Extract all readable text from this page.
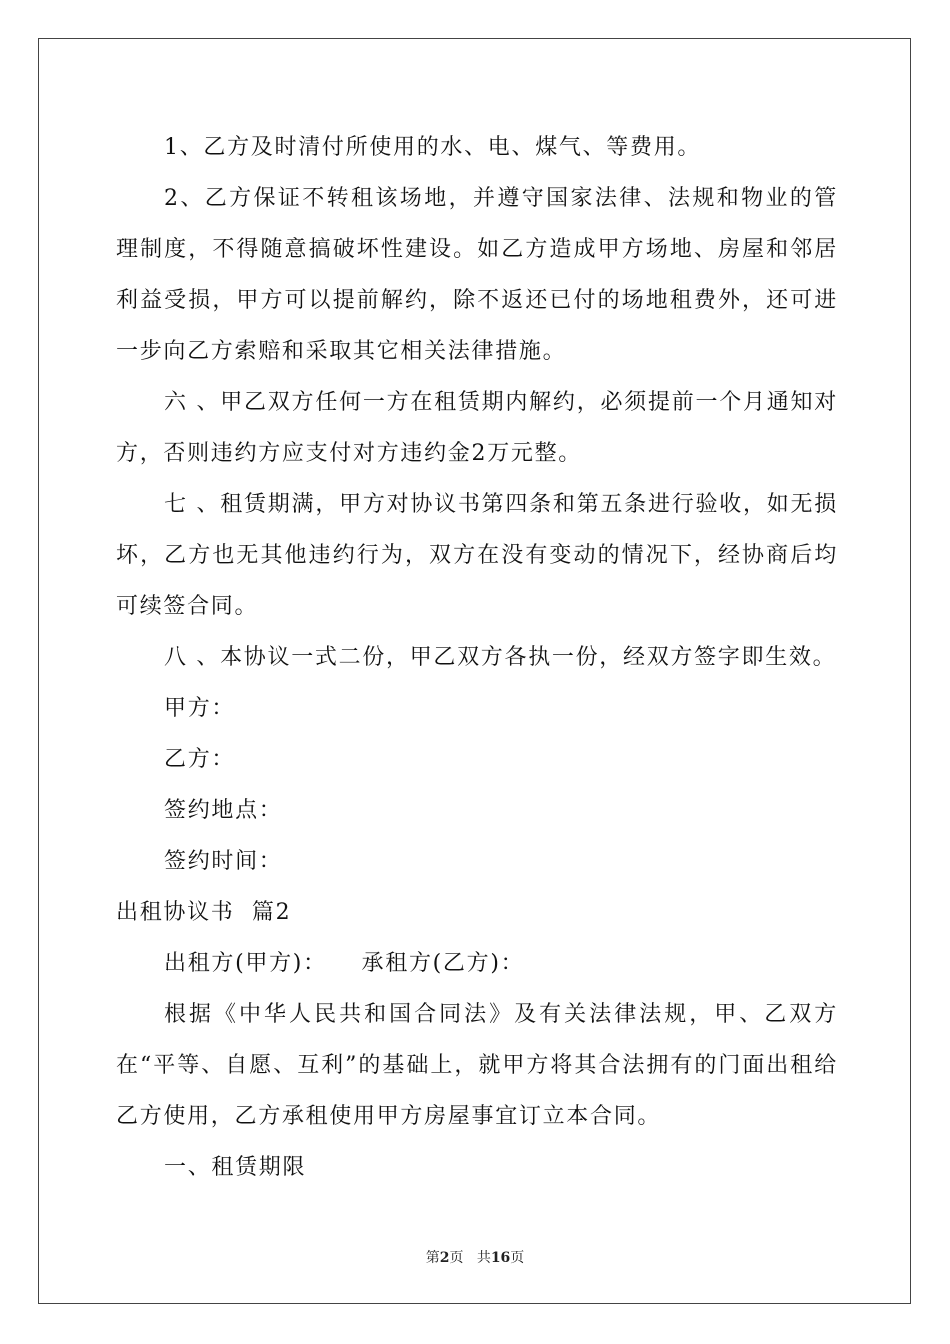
1、乙方及时清付所使用的水、电、煤气、等费用。

2、乙方保证不转租该场地，并遵守国家法律、法规和物业的管理制度，不得随意搞破坏性建设。如乙方造成甲方场地、房屋和邻居利益受损，甲方可以提前解约，除不返还已付的场地租费外，还可进一步向乙方索赔和采取其它相关法律措施。

六 、甲乙双方任何一方在租赁期内解约，必须提前一个月通知对方，否则违约方应支付对方违约金2万元整。

七 、租赁期满，甲方对协议书第四条和第五条进行验收，如无损坏，乙方也无其他违约行为，双方在没有变动的情况下，经协商后均可续签合同。

八 、本协议一式二份，甲乙双方各执一份，经双方签字即生效。

甲方：

乙方：

签约地点：

签约时间：

出租协议书  篇2

出租方(甲方)：    承租方(乙方)：

根据《中华人民共和国合同法》及有关法律法规，甲、乙双方在“平等、自愿、互利”的基础上，就甲方将其合法拥有的门面出租给乙方使用，乙方承租使用甲方房屋事宜订立本合同。

一、租赁期限

第2页 共16页
